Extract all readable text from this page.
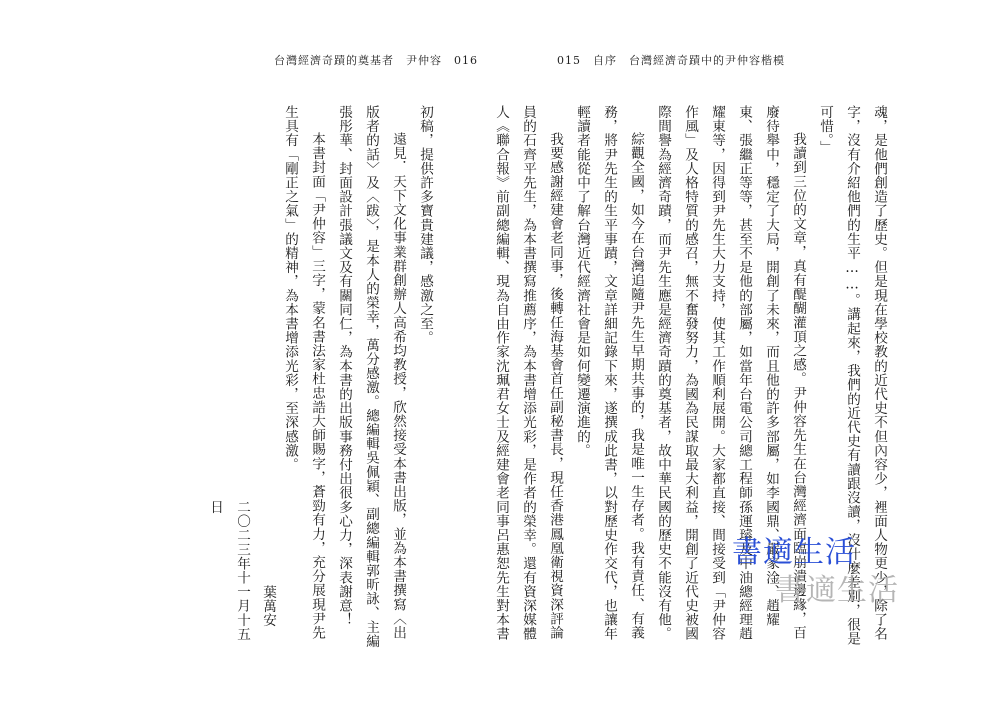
台灣經濟奇蹟的奠基者　尹仲容　016	015　自序　台灣經濟奇蹟中的尹仲容楷模

魂，是他們創造了歷史。但是現在學校教的近代史不但內容少，裡面人物更少，除了名字，沒有介紹他們的生平……。講起來，我們的近代史有讀跟沒讀，沒什麼差別，很是可惜。」

我讀到三位的文章，真有醍醐灌頂之感。尹仲容先生在台灣經濟面臨崩潰邊緣，百廢待舉中，穩定了大局，開創了未來，而且他的許多部屬，如李國鼎、嚴家淦、趙耀東、張繼正等等，甚至不是他的部屬，如當年台電公司總工程師孫運璿及中油總經理趙耀東等，因得到尹先生大力支持，使其工作順利展開。大家都直接、間接受到「尹仲容作風」及人格特質的感召，無不奮發努力，為國為民謀取最大利益，開創了近代史被國際間譽為經濟奇蹟，而尹先生應是經濟奇蹟的奠基者，故中華民國的歷史不能沒有他。

綜觀全國，如今在台灣追隨尹先生早期共事的，我是唯一生存者。我有責任、有義務，將尹先生的生平事蹟，文章詳細記錄下來，遂撰成此書，以對歷史作交代，也讓年輕讀者能從中了解台灣近代經濟社會是如何變遷演進的。

我要感謝經建會老同事，後轉任海基會首任副秘書長，現任香港鳳凰衛視資深評論員的石齊平先生，為本書撰寫推薦序，為本書增添光彩，是作者的榮幸。還有資深媒體人《聯合報》前副總編輯、現為自由作家沈珮君女士及經建會老同事呂惠恕先生對本書

初稿，提供許多寶貴建議，感激之至。

遠見．天下文化事業群創辦人高希均教授，欣然接受本書出版，並為本書撰寫〈出版者的話〉及〈跋〉，是本人的榮幸，萬分感激。總編輯吳佩穎、副總編輯郭昕詠、主編張彤華、封面設計張議文及有關同仁，為本書的出版事務付出很多心力，深表謝意！

本書封面「尹仲容」三字，蒙名書法家杜忠誥大師賜字，蒼勁有力，充分展現尹先生具有「剛正之氣」的精神，為本書增添光彩，至深感激。

葉萬安
二〇二三年十一月十五日
書適生活
書適生活
